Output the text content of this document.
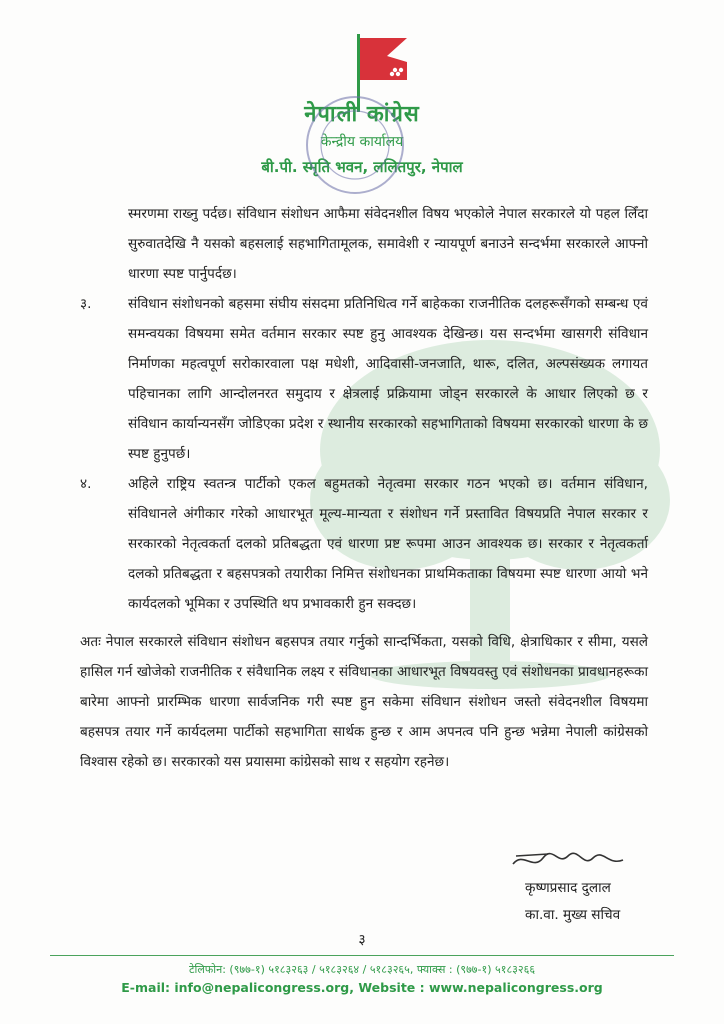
नेपाली कांग्रेस
केन्द्रीय कार्यालय
बी.पी. स्मृति भवन, ललितपुर, नेपाल

स्मरणमा राख्नु पर्दछ। संविधान संशोधन आफैमा संवेदनशील विषय भएकोले नेपाल सरकारले यो पहल लिँदा सुरुवातदेखि नै यसको बहसलाई सहभागितामूलक, समावेशी र न्यायपूर्ण बनाउने सन्दर्भमा सरकारले आफ्नो धारणा स्पष्ट पार्नुपर्दछ।

३.	संविधान संशोधनको बहसमा संघीय संसदमा प्रतिनिधित्व गर्ने बाहेकका राजनीतिक दलहरूसँगको सम्बन्ध एवं समन्वयका विषयमा समेत वर्तमान सरकार स्पष्ट हुनु आवश्यक देखिन्छ। यस सन्दर्भमा खासगरी संविधान निर्माणका महत्वपूर्ण सरोकारवाला पक्ष मधेशी, आदिवासी-जनजाति, थारू, दलित, अल्पसंख्यक लगायत पहिचानका लागि आन्दोलनरत समुदाय र क्षेत्रलाई प्रक्रियामा जोड्न सरकारले के आधार लिएको छ र संविधान कार्यान्यनसँग जोडिएका प्रदेश र स्थानीय सरकारको सहभागिताको विषयमा सरकारको धारणा के छ स्पष्ट हुनुपर्छ।
४.	अहिले राष्ट्रिय स्वतन्त्र पार्टीको एकल बहुमतको नेतृत्वमा सरकार गठन भएको छ। वर्तमान संविधान, संविधानले अंगीकार गरेको आधारभूत मूल्य-मान्यता र संशोधन गर्ने प्रस्तावित विषयप्रति नेपाल सरकार र सरकारको नेतृत्वकर्ता दलको प्रतिबद्धता एवं धारणा प्रष्ट रूपमा आउन आवश्यक छ। सरकार र नेतृत्वकर्ता दलको प्रतिबद्धता र बहसपत्रको तयारीका निमित्त संशोधनका प्राथमिकताका विषयमा स्पष्ट धारणा आयो भने कार्यदलको भूमिका र उपस्थिति थप प्रभावकारी हुन सक्दछ।

अतः नेपाल सरकारले संविधान संशोधन बहसपत्र तयार गर्नुको सान्दर्भिकता, यसको विधि, क्षेत्राधिकार र सीमा, यसले हासिल गर्न खोजेको राजनीतिक र संवैधानिक लक्ष्य र संविधानका आधारभूत विषयवस्तु एवं संशोधनका प्रावधानहरूका बारेमा आफ्नो प्रारम्भिक धारणा सार्वजनिक गरी स्पष्ट हुन सकेमा संविधान संशोधन जस्तो संवेदनशील विषयमा बहसपत्र तयार गर्ने कार्यदलमा पार्टीको सहभागिता सार्थक हुन्छ र आम अपनत्व पनि हुन्छ भन्नेमा नेपाली कांग्रेसको विश्वास रहेको छ। सरकारको यस प्रयासमा कांग्रेसको साथ र सहयोग रहनेछ।

कृष्णप्रसाद दुलाल
का.वा. मुख्य सचिव
३
टेलिफोन: (९७७-१) ५१८३२६३ / ५१८३२६४ / ५१८३२६५, फ्याक्स : (९७७-१) ५१८३२६६
E-mail: info@nepalicongress.org, Website : www.nepalicongress.org
